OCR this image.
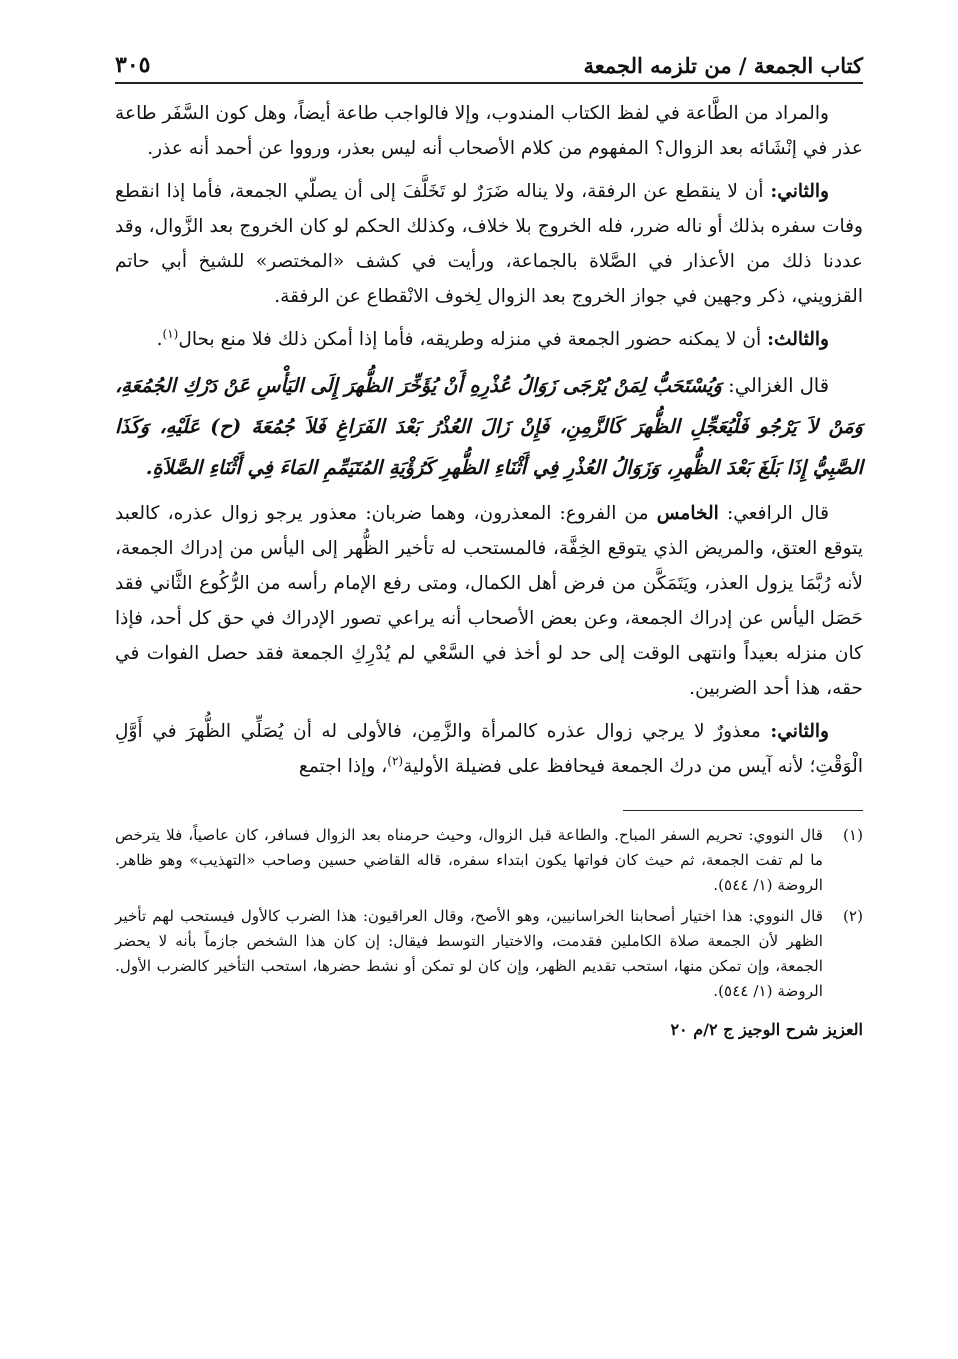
كتاب الجمعة / من تلزمه الجمعة
٣٠٥

والمراد من الطَّاعة في لفظ الكتاب المندوب، وإلا فالواجب طاعة أيضاً، وهل كون السَّفَر طاعة عذر في إنْشَائه بعد الزوال؟ المفهوم من كلام الأصحاب أنه ليس بعذر، ورووا عن أحمد أنه عذر.

والثاني: أن لا ينقطع عن الرفقة، ولا يناله ضَرَرٌ لو تَخَلَّفَ إلى أن يصلّي الجمعة، فأما إذا انقطع وفات سفره بذلك أو ناله ضرر، فله الخروج بلا خلاف، وكذلك الحكم لو كان الخروج بعد الزَّوال، وقد عددنا ذلك من الأعذار في الصَّلاة بالجماعة، ورأيت في كشف «المختصر» للشيخ أبي حاتم القزويني، ذكر وجهين في جواز الخروج بعد الزوال لِخوف الانْقطاع عن الرفقة.

والثالث: أن لا يمكنه حضور الجمعة في منزله وطريقه، فأما إذا أمكن ذلك فلا منع بحال$^{(١)}$.

قال الغزالي: وَيُسْتَحَبُّ لِمَنْ يُرْجَى زَوَالُ عُذْرِهِ أَنْ يُؤَخِّرَ الظُّهرَ إِلَى اليَأْسِ عَنْ دَرْكِ الجُمُعَةِ، وَمَنْ لاَ يَرْجُو فَلْيُعَجِّلِ الظُّهرَ كَالزَّمِنِ، فَإِنْ زَالَ العُذْرُ بَعْدَ الفَرَاغِ فَلاَ جُمُعَةَ (ح) عَلَيْهِ، وَكَذَا الصَّبِيُّ إِذَا بَلَغَ بَعْدَ الظُّهرِ، وَزَوَالُ العُذْرِ فِي أَثْنَاءِ الظُّهرِ كَرُؤْيَةِ المُتَيَمِّمِ المَاءَ فِي أَثْنَاءِ الصَّلاَةِ.

قال الرافعي: الخامس من الفروع: المعذرون، وهما ضربان: معذور يرجو زوال عذره، كالعبد يتوقع العتق، والمريض الذي يتوقع الخِفَّة، فالمستحب له تأخير الظُّهر إلى اليأس من إدراك الجمعة، لأنه رُبَّمَا يزول العذر، ويَتَمَكَّن من فرض أهل الكمال، ومتى رفع الإمام رأسه من الرُّكُوع الثَّاني فقد حَصَل اليأس عن إدراك الجمعة، وعن بعض الأصحاب أنه يراعي تصور الإدراك في حق كل أحد، فإذا كان منزله بعيداً وانتهى الوقت إلى حد لو أخذ في السَّعْي لم يُدْرِكِ الجمعة فقد حصل الفوات في حقه، هذا أحد الضربين.

والثاني: معذورٌ لا يرجي زوال عذره كالمرأة والزَّمِن، فالأولى له أن يُصَلِّي الظُّهرَ في أَوَّلِ الْوَقْتِ؛ لأنه آيس من درك الجمعة فيحافظ على فضيلة الأولية$^{(٢)}$، وإذا اجتمع

(١)
قال النووي: تحريم السفر المباح. والطاعة قبل الزوال، وحيث حرمناه بعد الزوال فسافر، كان عاصياً، فلا يترخص ما لم تفت الجمعة، ثم حيث كان فواتها يكون ابتداء سفره، قاله القاضي حسين وصاحب «التهذيب» وهو ظاهر. الروضة (١/ ٥٤٤).
(٢)
قال النووي: هذا اختيار أصحابنا الخراسانيين، وهو الأصح، وقال العراقيون: هذا الضرب كالأول فيستحب لهم تأخير الظهر لأن الجمعة صلاة الكاملين فقدمت، والاختيار التوسط فيقال: إن كان هذا الشخص جازماً بأنه لا يحضر الجمعة، وإن تمكن منها، استحب تقديم الظهر، وإن كان لو تمكن أو نشط حضرها، استحب التأخير كالضرب الأول. الروضة (١/ ٥٤٤).
العزيز شرح الوجيز ج ٢/م ٢٠
